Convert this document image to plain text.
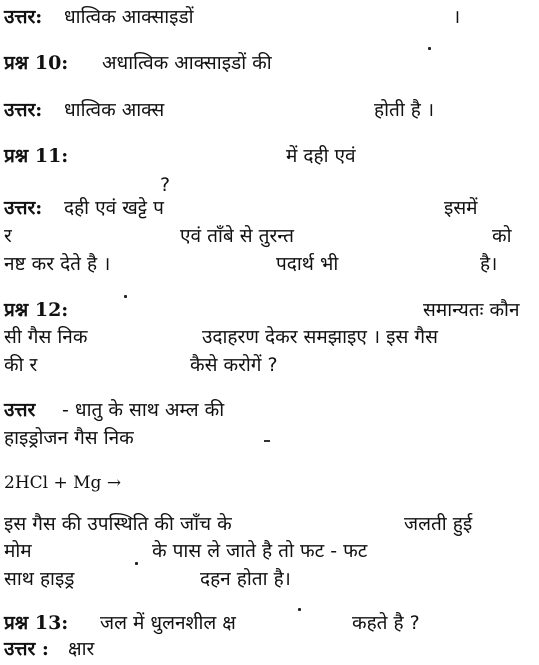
उत्तर: धात्विक आक्साइडों	।
प्रश्न 10: अधात्विक आक्साइडों की
उत्तर: धात्विक आक्स	होती है ।
प्रश्न 11:	में दही एवं
?
उत्तर: दही एवं खट्टे प	इसमें
र	एवं ताँबे से तुरन्त	को
नष्ट कर देते है ।	पदार्थ भी	है।
प्रश्न 12:	समान्यतः कौन
सी गैस निक	उदाहरण देकर समझाइए । इस गैस
की र	कैसे करोगें ?
उत्तर - धातु के साथ अम्ल की
हाइड्रोजन गैस निक
2HCl + Mg →
इस गैस की उपस्थिति की जाँच के	जलती हुई
मोम	के पास ले जाते है तो फट - फट
साथ हाइड्र	दहन होता है।
प्रश्न 13: जल में धुलनशील क्ष	कहते है ?
उत्तर : क्षार
